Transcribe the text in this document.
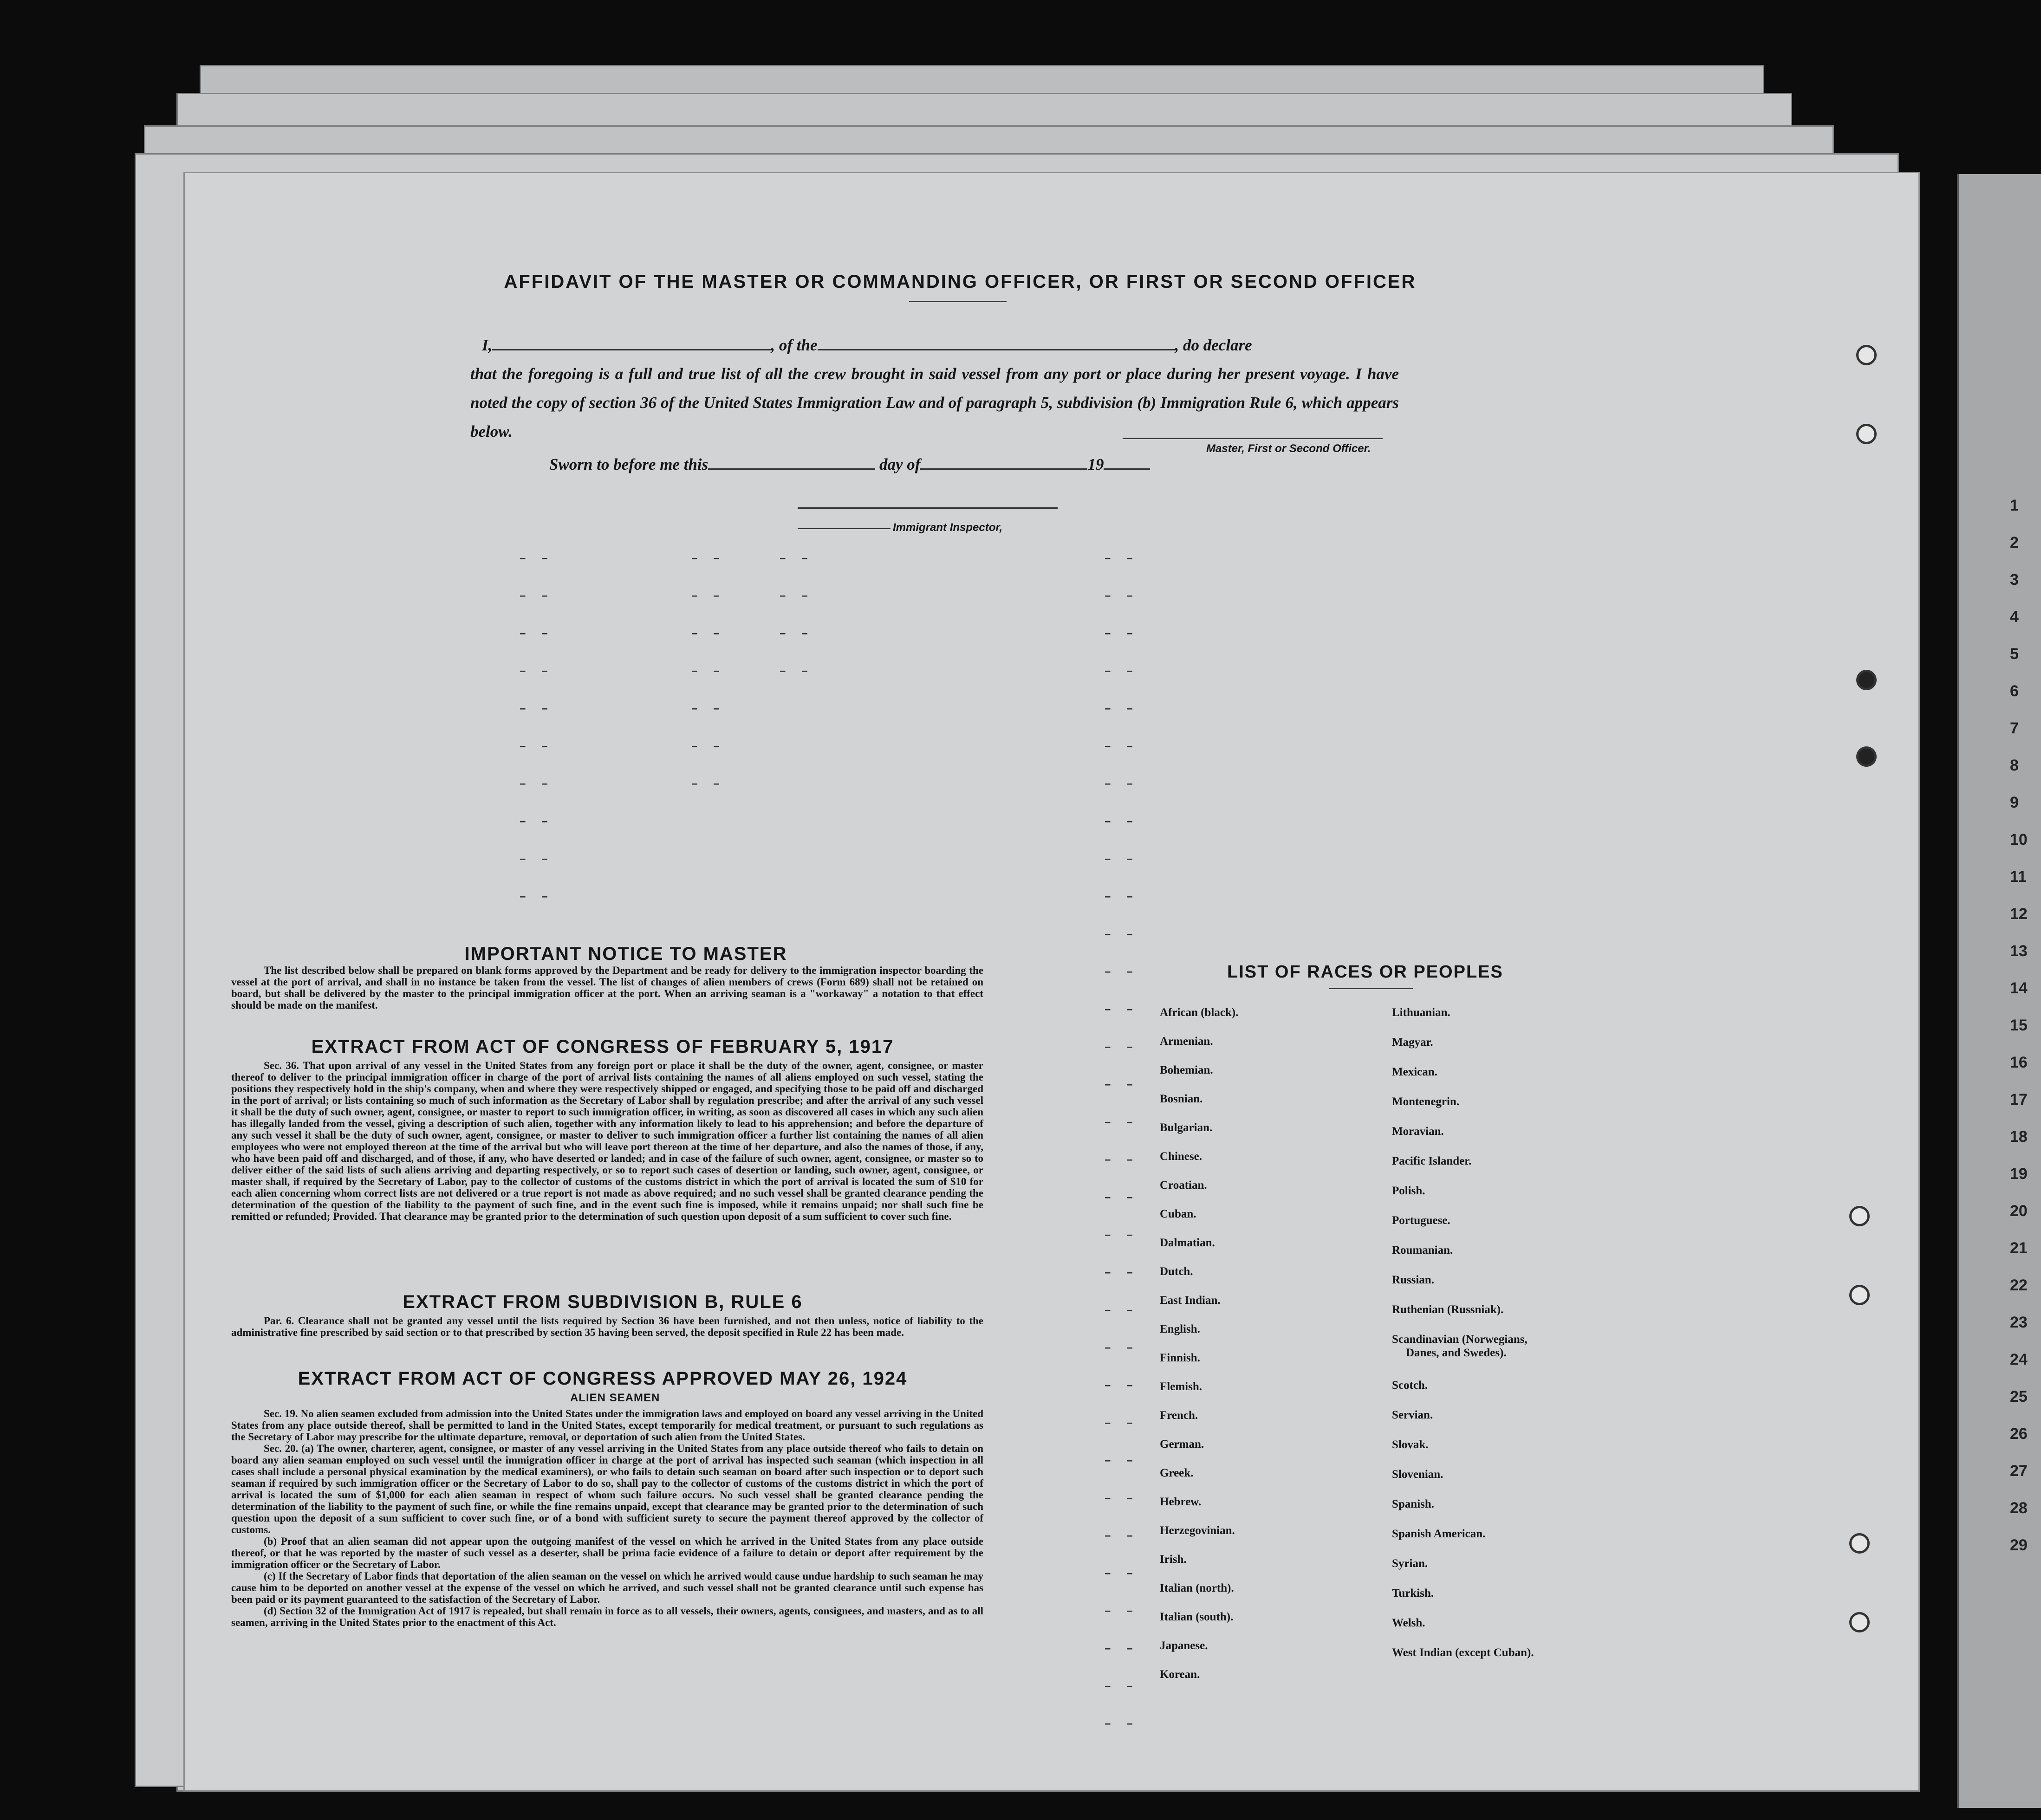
1
2
3
4
5
6
7
8
9
10
11
12
13
14
15
16
17
18
19
20
21
22
23
24
25
26
27
28
29
AFFIDAVIT OF THE MASTER OR COMMANDING OFFICER, OR FIRST OR SECOND OFFICER
I,	, of the	, do declare
that the foregoing is a full and true list of all the crew brought in said vessel from any port or place during her present voyage. I have noted the copy of section 36 of the United States Immigration Law and of paragraph 5, subdivision (b) Immigration Rule 6, which appears below.
Master, First or Second Officer.
Sworn to before me this	day of	19
Immigrant Inspector,
– –
– –
– –
– –
– –
– –
– –
– –
– –
– –
– –
– –
– –
– –
– –
– –
– –
– –
– –
– –
– –
– –
– –
– –
– –
– –
– –
– –
– –
– –
– –
– –
– –
– –
– –
– –
– –
– –
– –
– –
– –
– –
– –
– –
– –
– –
– –
– –
– –
– –
– –
– –
– –
IMPORTANT NOTICE TO MASTER
The list described below shall be prepared on blank forms approved by the Department and be ready for delivery to the immigration inspector boarding the vessel at the port of arrival, and shall in no instance be taken from the vessel. The list of changes of alien members of crews (Form 689) shall not be retained on board, but shall be delivered by the master to the principal immigration officer at the port. When an arriving seaman is a "workaway" a notation to that effect should be made on the manifest.
EXTRACT FROM ACT OF CONGRESS OF FEBRUARY 5, 1917
Sec. 36. That upon arrival of any vessel in the United States from any foreign port or place it shall be the duty of the owner, agent, consignee, or master thereof to deliver to the principal immigration officer in charge of the port of arrival lists containing the names of all aliens employed on such vessel, stating the positions they respectively hold in the ship's company, when and where they were respectively shipped or engaged, and specifying those to be paid off and discharged in the port of arrival; or lists containing so much of such information as the Secretary of Labor shall by regulation prescribe; and after the arrival of any such vessel it shall be the duty of such owner, agent, consignee, or master to report to such immigration officer, in writing, as soon as discovered all cases in which any such alien has illegally landed from the vessel, giving a description of such alien, together with any information likely to lead to his apprehension; and before the departure of any such vessel it shall be the duty of such owner, agent, consignee, or master to deliver to such immigration officer a further list containing the names of all alien employees who were not employed thereon at the time of the arrival but who will leave port thereon at the time of her departure, and also the names of those, if any, who have been paid off and discharged, and of those, if any, who have deserted or landed; and in case of the failure of such owner, agent, consignee, or master so to deliver either of the said lists of such aliens arriving and departing respectively, or so to report such cases of desertion or landing, such owner, agent, consignee, or master shall, if required by the Secretary of Labor, pay to the collector of customs of the customs district in which the port of arrival is located the sum of $10 for each alien concerning whom correct lists are not delivered or a true report is not made as above required; and no such vessel shall be granted clearance pending the determination of the question of the liability to the payment of such fine, and in the event such fine is imposed, while it remains unpaid; nor shall such fine be remitted or refunded; Provided. That clearance may be granted prior to the determination of such question upon deposit of a sum sufficient to cover such fine.
EXTRACT FROM SUBDIVISION B, RULE 6
Par. 6. Clearance shall not be granted any vessel until the lists required by Section 36 have been furnished, and not then unless, notice of liability to the administrative fine prescribed by said section or to that prescribed by section 35 having been served, the deposit specified in Rule 22 has been made.
EXTRACT FROM ACT OF CONGRESS APPROVED MAY 26, 1924
ALIEN SEAMEN
Sec. 19. No alien seamen excluded from admission into the United States under the immigration laws and employed on board any vessel arriving in the United States from any place outside thereof, shall be permitted to land in the United States, except temporarily for medical treatment, or pursuant to such regulations as the Secretary of Labor may prescribe for the ultimate departure, removal, or deportation of such alien from the United States.
Sec. 20. (a) The owner, charterer, agent, consignee, or master of any vessel arriving in the United States from any place outside thereof who fails to detain on board any alien seaman employed on such vessel until the immigration officer in charge at the port of arrival has inspected such seaman (which inspection in all cases shall include a personal physical examination by the medical examiners), or who fails to detain such seaman on board after such inspection or to deport such seaman if required by such immigration officer or the Secretary of Labor to do so, shall pay to the collector of customs of the customs district in which the port of arrival is located the sum of $1,000 for each alien seaman in respect of whom such failure occurs. No such vessel shall be granted clearance pending the determination of the liability to the payment of such fine, or while the fine remains unpaid, except that clearance may be granted prior to the determination of such question upon the deposit of a sum sufficient to cover such fine, or of a bond with sufficient surety to secure the payment thereof approved by the collector of customs.
(b) Proof that an alien seaman did not appear upon the outgoing manifest of the vessel on which he arrived in the United States from any place outside thereof, or that he was reported by the master of such vessel as a deserter, shall be prima facie evidence of a failure to detain or deport after requirement by the immigration officer or the Secretary of Labor.
(c) If the Secretary of Labor finds that deportation of the alien seaman on the vessel on which he arrived would cause undue hardship to such seaman he may cause him to be deported on another vessel at the expense of the vessel on which he arrived, and such vessel shall not be granted clearance until such expense has been paid or its payment guaranteed to the satisfaction of the Secretary of Labor.
(d) Section 32 of the Immigration Act of 1917 is repealed, but shall remain in force as to all vessels, their owners, agents, consignees, and masters, and as to all seamen, arriving in the United States prior to the enactment of this Act.
LIST OF RACES OR PEOPLES
African (black).
Armenian.
Bohemian.
Bosnian.
Bulgarian.
Chinese.
Croatian.
Cuban.
Dalmatian.
Dutch.
East Indian.
English.
Finnish.
Flemish.
French.
German.
Greek.
Hebrew.
Herzegovinian.
Irish.
Italian (north).
Italian (south).
Japanese.
Korean.
Lithuanian.
Magyar.
Mexican.
Montenegrin.
Moravian.
Pacific Islander.
Polish.
Portuguese.
Roumanian.
Russian.
Ruthenian (Russniak).
Scandinavian (Norwegians,
Danes, and Swedes).
Scotch.
Servian.
Slovak.
Slovenian.
Spanish.
Spanish American.
Syrian.
Turkish.
Welsh.
West Indian (except Cuban).
